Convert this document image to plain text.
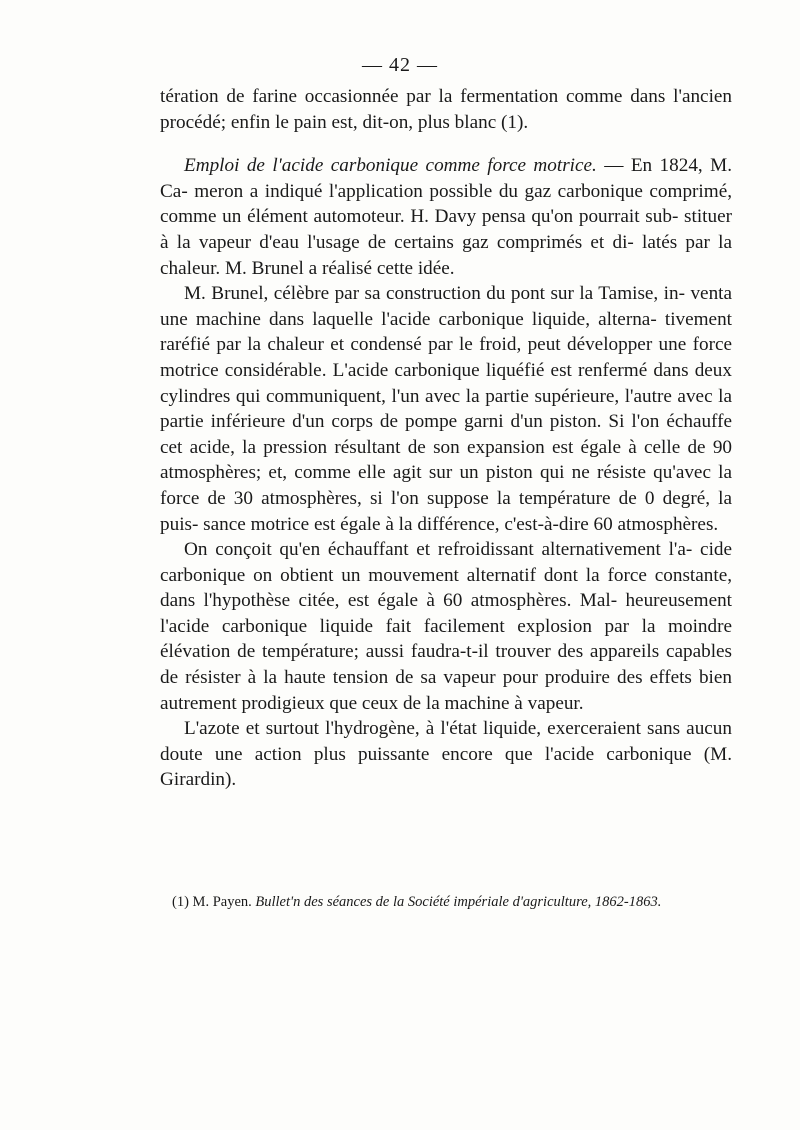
— 42 —

tération de farine occasionnée par la fermentation comme dans l'ancien procédé; enfin le pain est, dit-on, plus blanc (1).

Emploi de l'acide carbonique comme force motrice. — En 1824, M. Ca- meron a indiqué l'application possible du gaz carbonique comprimé, comme un élément automoteur. H. Davy pensa qu'on pourrait sub- stituer à la vapeur d'eau l'usage de certains gaz comprimés et di- latés par la chaleur. M. Brunel a réalisé cette idée.

M. Brunel, célèbre par sa construction du pont sur la Tamise, in- venta une machine dans laquelle l'acide carbonique liquide, alterna- tivement raréfié par la chaleur et condensé par le froid, peut développer une force motrice considérable. L'acide carbonique liquéfié est renfermé dans deux cylindres qui communiquent, l'un avec la partie supérieure, l'autre avec la partie inférieure d'un corps de pompe garni d'un piston. Si l'on échauffe cet acide, la pression résultant de son expansion est égale à celle de 90 atmosphères; et, comme elle agit sur un piston qui ne résiste qu'avec la force de 30 atmosphères, si l'on suppose la température de 0 degré, la puis- sance motrice est égale à la différence, c'est-à-dire 60 atmosphères.

On conçoit qu'en échauffant et refroidissant alternativement l'a- cide carbonique on obtient un mouvement alternatif dont la force constante, dans l'hypothèse citée, est égale à 60 atmosphères. Mal- heureusement l'acide carbonique liquide fait facilement explosion par la moindre élévation de température; aussi faudra-t-il trouver des appareils capables de résister à la haute tension de sa vapeur pour produire des effets bien autrement prodigieux que ceux de la machine à vapeur.

L'azote et surtout l'hydrogène, à l'état liquide, exerceraient sans aucun doute une action plus puissante encore que l'acide carbonique (M. Girardin).

(1) M. Payen. Bullet'n des séances de la Société impériale d'agriculture, 1862-1863.
